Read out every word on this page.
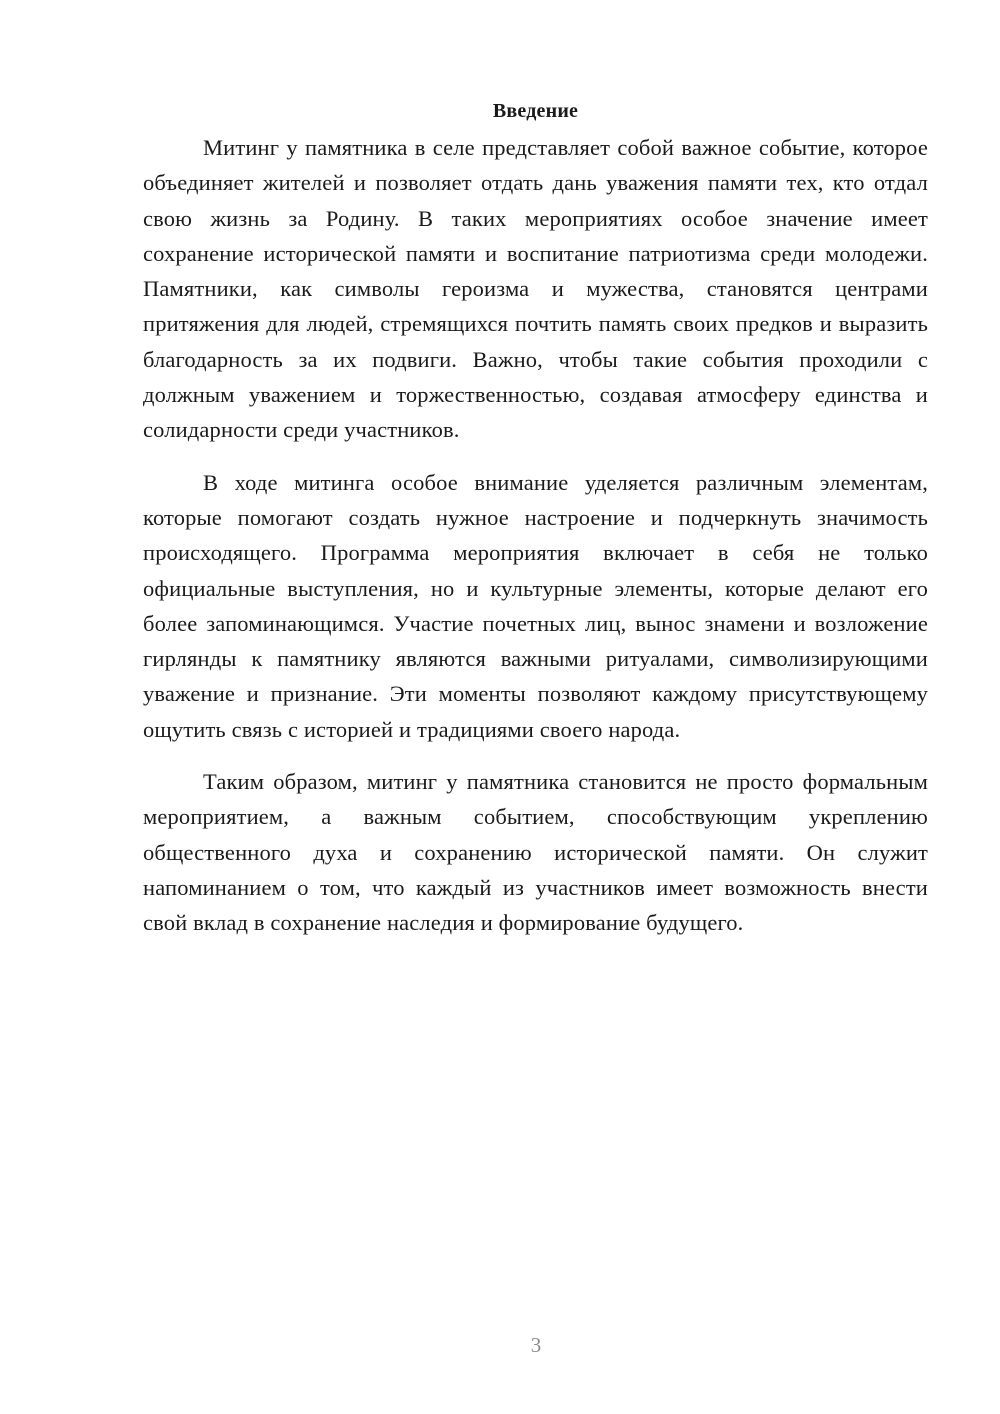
Введение

Митинг у памятника в селе представляет собой важное событие, которое объединяет жителей и позволяет отдать дань уважения памяти тех, кто отдал свою жизнь за Родину. В таких мероприятиях особое значение имеет сохранение исторической памяти и воспитание патриотизма среди молодежи. Памятники, как символы героизма и мужества, становятся центрами притяжения для людей, стремящихся почтить память своих предков и выразить благодарность за их подвиги. Важно, чтобы такие события проходили с должным уважением и торжественностью, создавая атмосферу единства и солидарности среди участников.

В ходе митинга особое внимание уделяется различным элементам, которые помогают создать нужное настроение и подчеркнуть значимость происходящего. Программа мероприятия включает в себя не только официальные выступления, но и культурные элементы, которые делают его более запоминающимся. Участие почетных лиц, вынос знамени и возложение гирлянды к памятнику являются важными ритуалами, символизирующими уважение и признание. Эти моменты позволяют каждому присутствующему ощутить связь с историей и традициями своего народа.

Таким образом, митинг у памятника становится не просто формальным мероприятием, а важным событием, способствующим укреплению общественного духа и сохранению исторической памяти. Он служит напоминанием о том, что каждый из участников имеет возможность внести свой вклад в сохранение наследия и формирование будущего.

3
